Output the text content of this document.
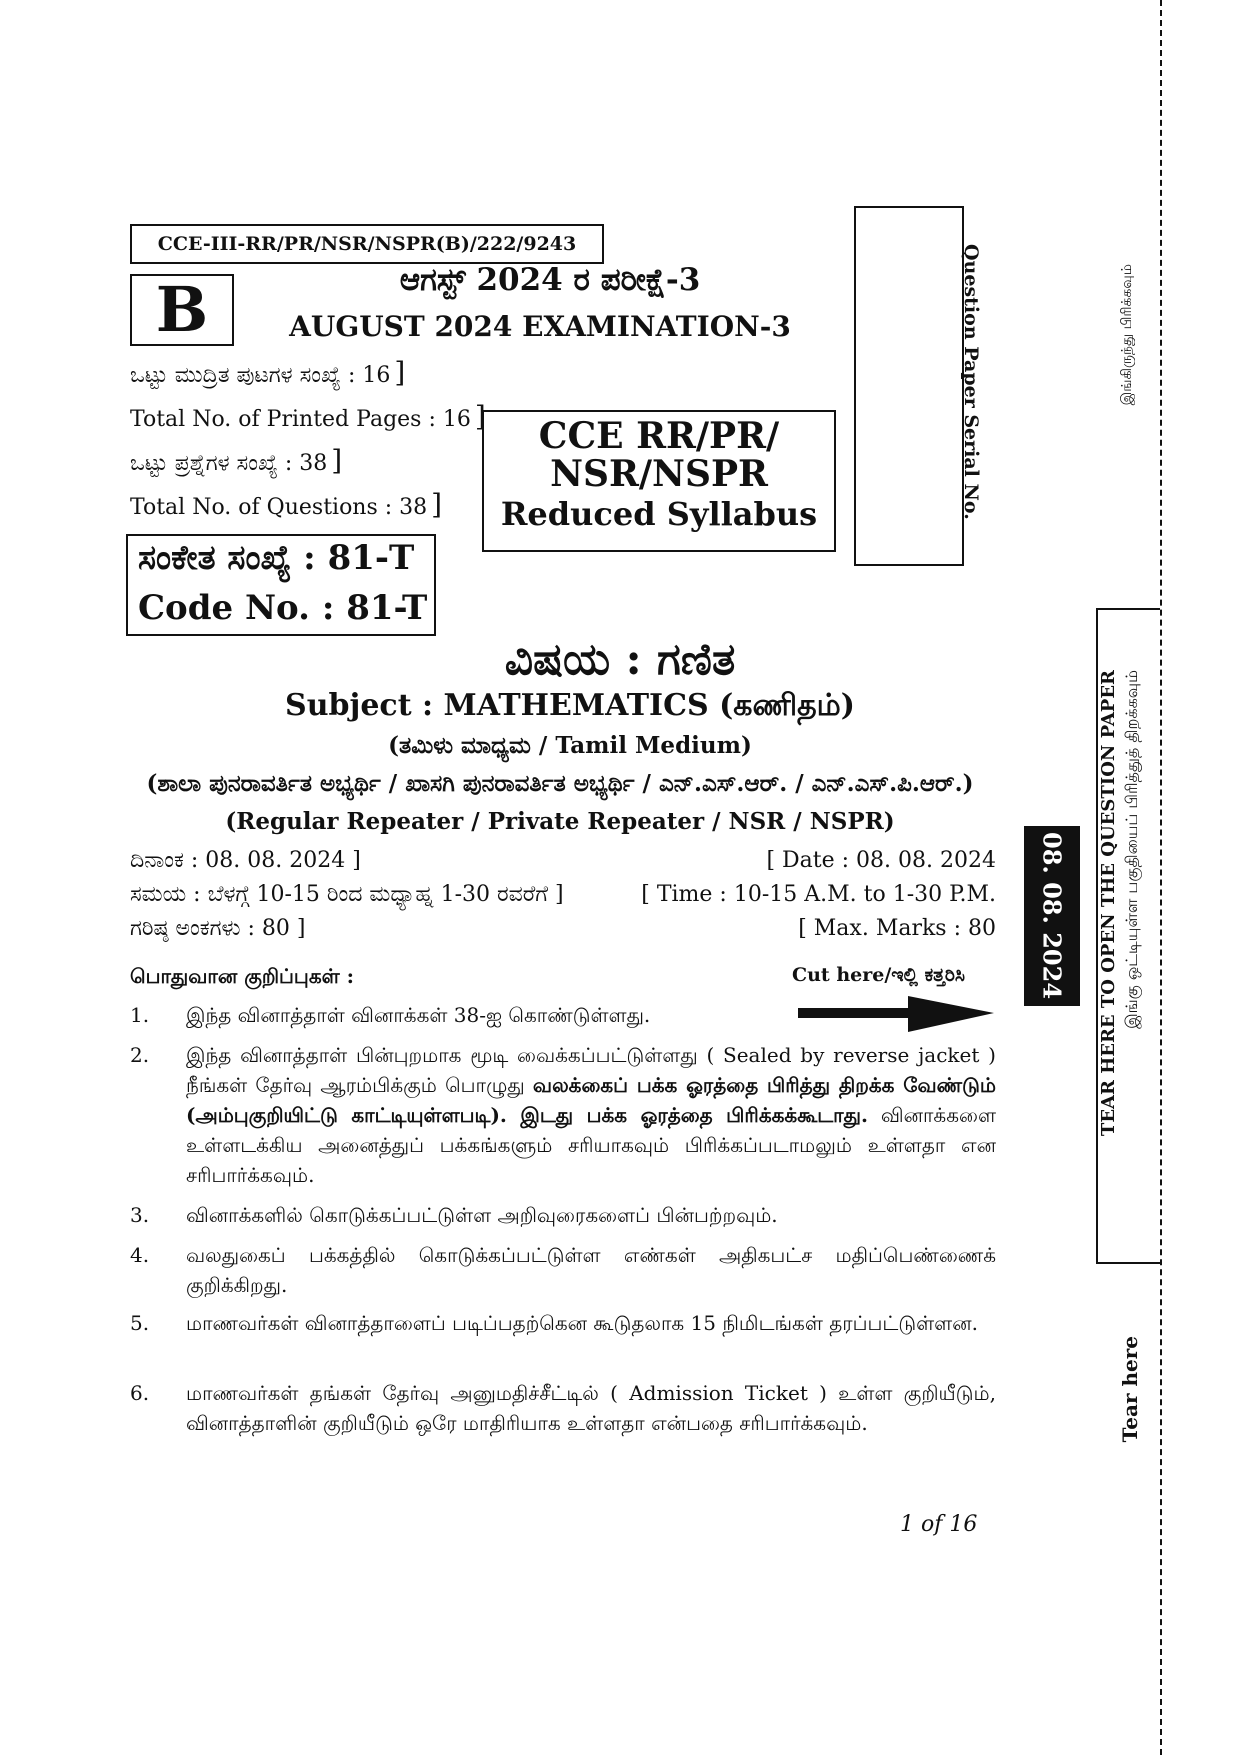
CCE-III-RR/PR/NSR/NSPR(B)/222/9243
B	ಆಗಸ್ಟ್ 2024 ರ ಪರೀಕ್ಷೆ-3
AUGUST 2024 EXAMINATION-3
ಒಟ್ಟು ಮುದ್ರಿತ ಪುಟಗಳ ಸಂಖ್ಯೆ : 16 ]
Total No. of Printed Pages : 16 ]
ಒಟ್ಟು ಪ್ರಶ್ನೆಗಳ ಸಂಖ್ಯೆ : 38 ]
Total No. of Questions : 38 ]
CCE RR/PR/
NSR/NSPR
Reduced Syllabus
ಸಂಕೇತ ಸಂಖ್ಯೆ : 81-T
Code No. : 81-T
Question Paper Serial No.
ವಿಷಯ : ಗಣಿತ
Subject : MATHEMATICS (கணிதம்)
(ತಮಿಳು ಮಾಧ್ಯಮ / Tamil Medium)
(ಶಾಲಾ ಪುನರಾವರ್ತಿತ ಅಭ್ಯರ್ಥಿ / ಖಾಸಗಿ ಪುನರಾವರ್ತಿತ ಅಭ್ಯರ್ಥಿ / ಎನ್.ಎಸ್.ಆರ್. / ಎನ್.ಎಸ್.ಪಿ.ಆರ್.)
(Regular Repeater / Private Repeater / NSR / NSPR)
ದಿನಾಂಕ : 08. 08. 2024 ]	[ Date : 08. 08. 2024
ಸಮಯ : ಬೆಳಗ್ಗೆ 10-15 ರಿಂದ ಮಧ್ಯಾಹ್ನ 1-30 ರವರೆಗೆ ]	[ Time : 10-15 A.M. to 1-30 P.M.
ಗರಿಷ್ಠ ಅಂಕಗಳು : 80 ]	[ Max. Marks : 80
பொதுவான குறிப்புகள் :	Cut here/ಇಲ್ಲಿ ಕತ್ತರಿಸಿ
1.	இந்த வினாத்தாள் வினாக்கள் 38-ஐ கொண்டுள்ளது.
2.	இந்த வினாத்தாள் பின்புறமாக மூடி வைக்கப்பட்டுள்ளது ( Sealed by reverse jacket ) நீங்கள் தேர்வு ஆரம்பிக்கும் பொழுது வலக்கைப் பக்க ஓரத்தை பிரித்து திறக்க வேண்டும் (அம்புகுறியிட்டு காட்டியுள்ளபடி). இடது பக்க ஓரத்தை பிரிக்கக்கூடாது. வினாக்களை உள்ளடக்கிய அனைத்துப் பக்கங்களும் சரியாகவும் பிரிக்கப்படாமலும் உள்ளதா என சரிபார்க்கவும்.
3.	வினாக்களில் கொடுக்கப்பட்டுள்ள அறிவுரைகளைப் பின்பற்றவும்.
4.	வலதுகைப் பக்கத்தில் கொடுக்கப்பட்டுள்ள எண்கள் அதிகபட்ச மதிப்பெண்ணைக் குறிக்கிறது.
5.	மாணவர்கள் வினாத்தாளைப் படிப்பதற்கென கூடுதலாக 15 நிமிடங்கள் தரப்பட்டுள்ளன.
6.	மாணவர்கள் தங்கள் தேர்வு அனுமதிச்சீட்டில் ( Admission Ticket ) உள்ள குறியீடும், வினாத்தாளின் குறியீடும் ஒரே மாதிரியாக உள்ளதா என்பதை சரிபார்க்கவும்.
1 of 16
இங்கிருந்து பிரிக்கவும்
08. 08. 2024 TEAR HERE TO OPEN THE QUESTION PAPER இங்கு ஒட்டியுள்ள பகுதியைப் பிரித்துத் திறக்கவும்
Tear here
